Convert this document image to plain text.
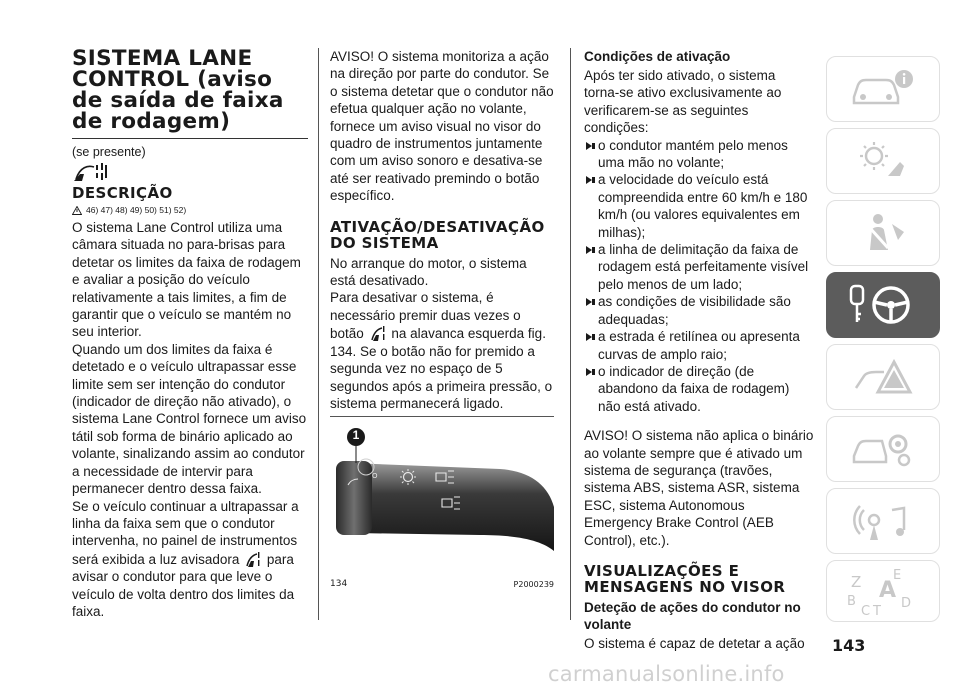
SISTEMA LANE CONTROL (aviso de saída de faixa de rodagem)

(se presente)

DESCRIÇÃO
46) 47) 48) 49) 50) 51) 52)

O sistema Lane Control utiliza uma câmara situada no para-brisas para detetar os limites da faixa de rodagem e avaliar a posição do veículo relativamente a tais limites, a fim de garantir que o veículo se mantém no seu interior.

Quando um dos limites da faixa é detetado e o veículo ultrapassar esse limite sem ser intenção do condutor (indicador de direção não ativado), o sistema Lane Control fornece um aviso tátil sob forma de binário aplicado ao volante, sinalizando assim ao condutor a necessidade de intervir para permanecer dentro dessa faixa.

Se o veículo continuar a ultrapassar a linha da faixa sem que o condutor intervenha, no painel de instrumentos será exibida a luz avisadora para avisar o condutor para que leve o veículo de volta dentro dos limites da faixa.

AVISO! O sistema monitoriza a ação na direção por parte do condutor. Se o sistema detetar que o condutor não efetua qualquer ação no volante, fornece um aviso visual no visor do quadro de instrumentos juntamente com um aviso sonoro e desativa-se até ser reativado premindo o botão específico.

ATIVAÇÃO/DESATIVAÇÃO DO SISTEMA

No arranque do motor, o sistema está desativado.

Para desativar o sistema, é necessário premir duas vezes o botão na alavanca esquerda fig. 134. Se o botão não for premido a segunda vez no espaço de 5 segundos após a primeira pressão, o sistema permanecerá ligado.

O
1
134	P2000239
Condições de ativação

Após ter sido ativado, o sistema torna-se ativo exclusivamente ao verificarem-se as seguintes condições:

o condutor mantém pelo menos uma mão no volante;

a velocidade do veículo está compreendida entre 60 km/h e 180 km/h (ou valores equivalentes em milhas);

a linha de delimitação da faixa de rodagem está perfeitamente visível pelo menos de um lado;

as condições de visibilidade são adequadas;

a estrada é retilínea ou apresenta curvas de amplo raio;

o indicador de direção (de abandono da faixa de rodagem) não está ativado.

AVISO! O sistema não aplica o binário ao volante sempre que é ativado um sistema de segurança (travões, sistema ABS, sistema ASR, sistema ESC, sistema Autonomous Emergency Brake Control (AEB Control), etc.).

VISUALIZAÇÕES E MENSAGENS NO VISOR
Deteção de ações do condutor no volante

O sistema é capaz de detetar a ação

Z E
B A
C T
D
143
carmanualsonline.info
